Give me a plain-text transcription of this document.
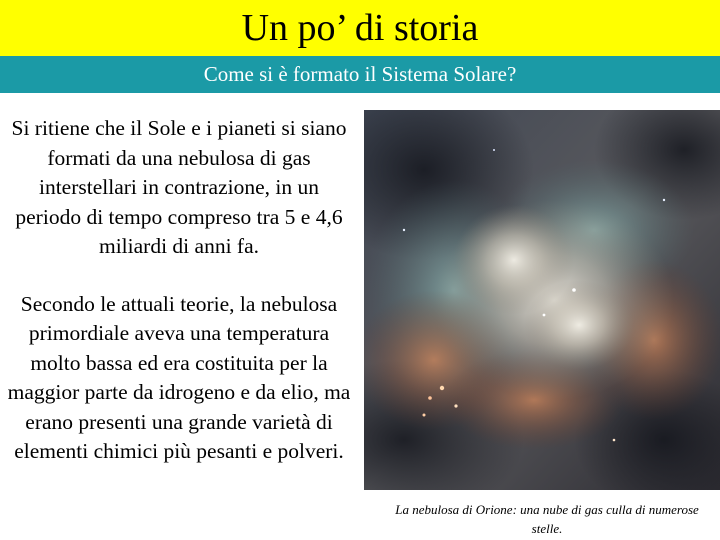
Un po’ di storia
Come si è formato il Sistema Solare?

Si ritiene che il Sole e i pianeti si siano formati da una nebulosa di gas interstellari in contrazione, in un periodo di tempo compreso tra 5 e 4,6 miliardi di anni fa.

Secondo le attuali teorie, la nebulosa primordiale aveva una temperatura molto bassa ed era costituita per la maggior parte da idrogeno e da elio, ma erano presenti una grande varietà di elementi chimici più pesanti e polveri.

La nebulosa di Orione: una nube di gas culla di numerose stelle.
